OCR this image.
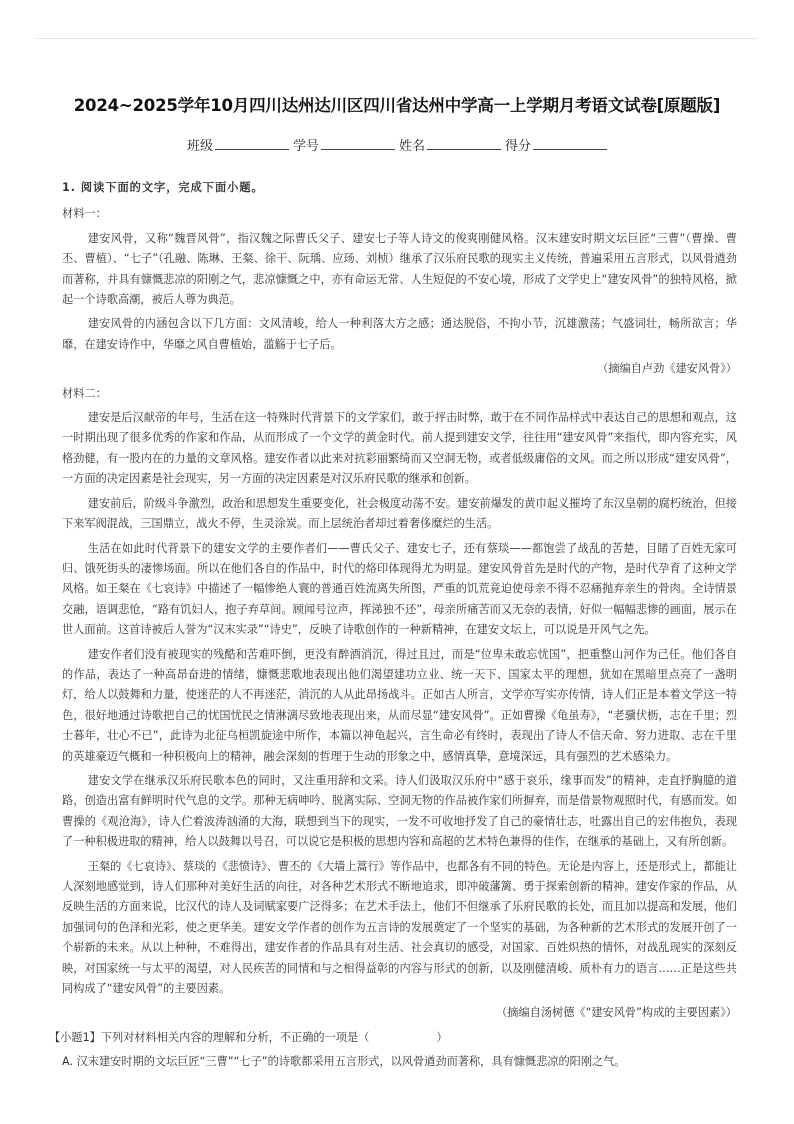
2024~2025学年10月四川达州达川区四川省达州中学高一上学期月考语文试卷[原题版]
班级	学号	姓名	得分
1. 阅读下面的文字，完成下面小题。
材料一：
建安风骨，又称“魏晋风骨”，指汉魏之际曹氏父子、建安七子等人诗文的俊爽刚健风格。汉末建安时期文坛巨匠“三曹”（曹操、曹丕、曹植）、“七子”（孔融、陈琳、王粲、徐干、阮瑀、应玚、刘桢）继承了汉乐府民歌的现实主义传统，普遍采用五言形式，以风骨遒劲而著称，并具有慷慨悲凉的阳刚之气，悲凉慷慨之中，亦有命运无常、人生短促的不安心境，形成了文学史上“建安风骨”的独特风格，掀起一个诗歌高潮，被后人尊为典范。
建安风骨的内涵包含以下几方面：文风清峻，给人一种利落大方之感；通达脱俗，不拘小节，沉雄激荡；气盛词壮，畅所欲言；华靡，在建安诗作中，华靡之风自曹植始，滥觞于七子后。
（摘编自卢劲《建安风骨》）
材料二：
建安是后汉献帝的年号，生活在这一特殊时代背景下的文学家们，敢于抨击时弊，敢于在不同作品样式中表达自己的思想和观点，这一时期出现了很多优秀的作家和作品，从而形成了一个文学的黄金时代。前人提到建安文学，往往用“建安风骨”来指代，即内容充实，风格劲健，有一股内在的力量的文章风格。建安作者以此来对抗彩丽繁绮而又空洞无物，或者低级庸俗的文风。而之所以形成“建安风骨”，一方面的决定因素是社会现实，另一方面的决定因素是对汉乐府民歌的继承和创新。
建安前后，阶级斗争激烈，政治和思想发生重要变化，社会极度动荡不安。建安前爆发的黄巾起义摧垮了东汉皇朝的腐朽统治，但接下来军阀混战，三国鼎立，战火不停，生灵涂炭。而上层统治者却过着奢侈糜烂的生活。
生活在如此时代背景下的建安文学的主要作者们——曹氏父子、建安七子，还有蔡琰——都饱尝了战乱的苦楚，目睹了百姓无家可归、饿死街头的凄惨场面。所以在他们各自的作品中，时代的烙印体现得尤为明显。建安风骨首先是时代的产物，是时代孕育了这种文学风格。如王粲在《七哀诗》中描述了一幅惨绝人寰的普通百姓流离失所图，严重的饥荒竟迫使母亲不得不忍痛抛弃亲生的骨肉。全诗情景交融，语调悲怆，“路有饥妇人，抱子弃草间。顾闻号泣声，挥涕独不还”，母亲所痛苦而又无奈的表情，好似一幅幅悲惨的画面，展示在世人面前。这首诗被后人誉为“汉末实录”“诗史”，反映了诗歌创作的一种新精神，在建安文坛上，可以说是开风气之先。
建安作者们没有被现实的残酷和苦难吓倒，更没有醉酒消沉，得过且过，而是“位卑未敢忘忧国”，把重整山河作为己任。他们各自的作品，表达了一种高昂奋进的情绪，慷慨悲歌地表现出他们渴望建功立业、统一天下、国家太平的理想，犹如在黑暗里点亮了一盏明灯，给人以鼓舞和力量，使迷茫的人不再迷茫，消沉的人从此昂扬战斗。正如古人所言，文学亦写实亦传情，诗人们正是本着文学这一特色，很好地通过诗歌把自己的忧国忧民之情淋漓尽致地表现出来，从而尽显“建安风骨”。正如曹操《龟虽寿》，“老骥伏枥，志在千里；烈士暮年，壮心不已”，此诗为北征乌桓凯旋途中所作，本篇以神龟起兴，言生命必有终时，表现出了诗人不信天命、努力进取、志在千里的英雄豪迈气概和一种积极向上的精神，融会深刻的哲理于生动的形象之中，感情真挚，意境深远，具有强烈的艺术感染力。
建安文学在继承汉乐府民歌本色的同时，又注重用辞和文采。诗人们汲取汉乐府中“感于哀乐，缘事而发”的精神，走直抒胸臆的道路，创造出富有鲜明时代气息的文学。那种无病呻吟、脱离实际、空洞无物的作品被作家们所摒弃，而是借景物观照时代，有感而发。如曹操的《观沧海》，诗人伫着波涛汹涌的大海，联想到当下的现实，一发不可收地抒发了自己的豪情壮志，吐露出自己的宏伟抱负，表现了一种积极进取的精神，给人以鼓舞以号召，可以说它是积极的思想内容和高超的艺术特色兼得的佳作，在继承的基础上，又有所创新。
王粲的《七哀诗》、蔡琰的《悲愤诗》、曹丕的《大墙上蒿行》等作品中，也都各有不同的特色。无论是内容上，还是形式上，都能让人深刻地感觉到，诗人们那种对美好生活的向往，对各种艺术形式不断地追求，即冲破藩篱、勇于探索创新的精神。建安作家的作品，从反映生活的方面来说，比汉代的诗人及词赋家要广泛得多；在艺术手法上，他们不但继承了乐府民歌的长处，而且加以提高和发展，他们加强词句的色泽和光彩，使之更华美。建安文学作者的创作为五言诗的发展奠定了一个坚实的基础，为各种新的艺术形式的发展开创了一个崭新的未来。从以上种种，不难得出，建安作者的作品具有对生活、社会真切的感受，对国家、百姓炽热的情怀，对战乱现实的深刻反映，对国家统一与太平的渴望，对人民疾苦的同情和与之相得益彰的内容与形式的创新，以及刚健清峻、质朴有力的语言……正是这些共同构成了“建安风骨”的主要因素。
（摘编自汤树德《“建安风骨”构成的主要因素》）
【小题1】下列对材料相关内容的理解和分析，不正确的一项是（　　　　　　）
A. 汉末建安时期的文坛巨匠“三曹”“七子”的诗歌都采用五言形式，以风骨遒劲而著称，具有慷慨悲凉的阳刚之气。
